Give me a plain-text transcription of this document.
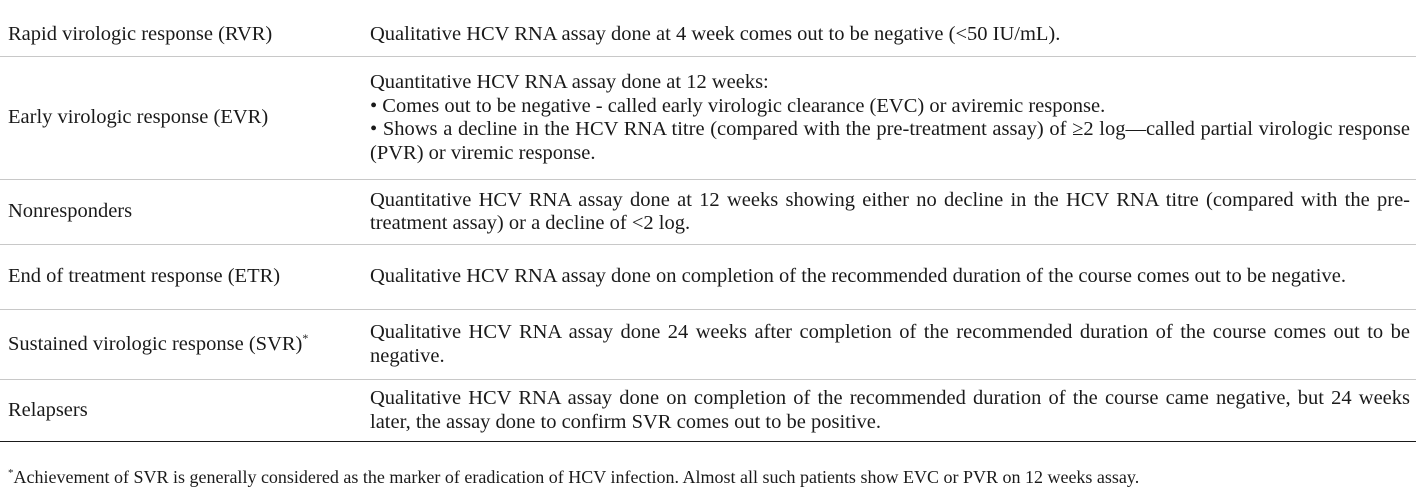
Rapid virologic response (RVR)	Qualitative HCV RNA assay done at 4 week comes out to be negative (<50 IU/mL).
Early virologic response (EVR)	Quantitative HCV RNA assay done at 12 weeks:
• Comes out to be negative - called early virologic clearance (EVC) or aviremic response.
• Shows a decline in the HCV RNA titre (compared with the pre-treatment assay) of ≥2 log—called partial virologic response (PVR) or viremic response.

Nonresponders	Quantitative HCV RNA assay done at 12 weeks showing either no decline in the HCV RNA titre (compared with the pre-treatment assay) or a decline of <2 log.
End of treatment response (ETR)	Qualitative HCV RNA assay done on completion of the recommended duration of the course comes out to be negative.
Sustained virologic response (SVR)*	Qualitative HCV RNA assay done 24 weeks after completion of the recommended duration of the course comes out to be negative.
Relapsers	Qualitative HCV RNA assay done on completion of the recommended duration of the course came negative, but 24 weeks later, the assay done to confirm SVR comes out to be positive.
*Achievement of SVR is generally considered as the marker of eradication of HCV infection. Almost all such patients show EVC or PVR on 12 weeks assay.
